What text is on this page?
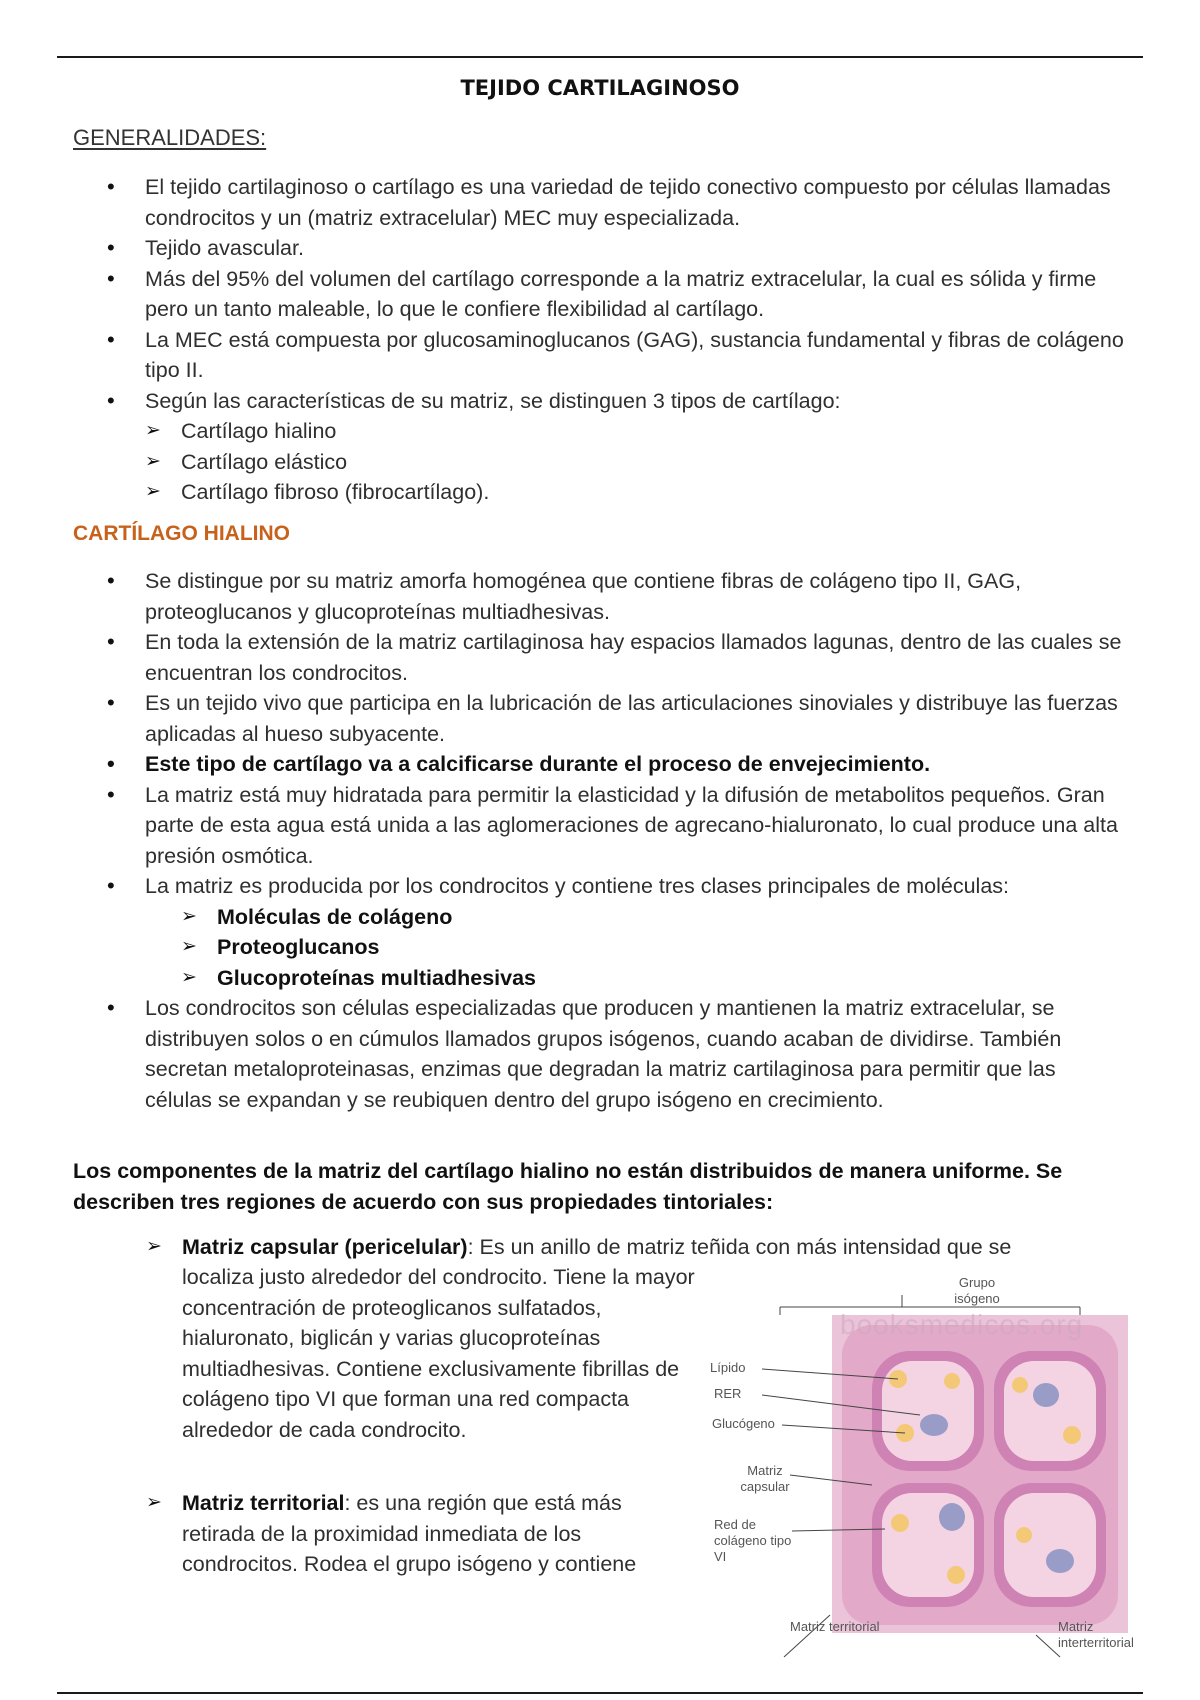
TEJIDO CARTILAGINOSO
GENERALIDADES:
• El tejido cartilaginoso o cartílago es una variedad de tejido conectivo compuesto por células llamadas condrocitos y un (matriz extracelular) MEC muy especializada.
• Tejido avascular.
• Más del 95% del volumen del cartílago corresponde a la matriz extracelular, la cual es sólida y firme pero un tanto maleable, lo que le confiere flexibilidad al cartílago.
• La MEC está compuesta por glucosaminoglucanos (GAG), sustancia fundamental y fibras de colágeno tipo II.
• Según las características de su matriz, se distinguen 3 tipos de cartílago:
➢ Cartílago hialino
➢ Cartílago elástico
➢ Cartílago fibroso (fibrocartílago).
CARTÍLAGO HIALINO
• Se distingue por su matriz amorfa homogénea que contiene fibras de colágeno tipo II, GAG, proteoglucanos y glucoproteínas multiadhesivas.
• En toda la extensión de la matriz cartilaginosa hay espacios llamados lagunas, dentro de las cuales se encuentran los condrocitos.
• Es un tejido vivo que participa en la lubricación de las articulaciones sinoviales y distribuye las fuerzas aplicadas al hueso subyacente.
• Este tipo de cartílago va a calcificarse durante el proceso de envejecimiento.
• La matriz está muy hidratada para permitir la elasticidad y la difusión de metabolitos pequeños. Gran parte de esta agua está unida a las aglomeraciones de agrecano-hialuronato, lo cual produce una alta presión osmótica.
• La matriz es producida por los condrocitos y contiene tres clases principales de moléculas:
➢ Moléculas de colágeno
➢ Proteoglucanos
➢ Glucoproteínas multiadhesivas
• Los condrocitos son células especializadas que producen y mantienen la matriz extracelular, se distribuyen solos o en cúmulos llamados grupos isógenos, cuando acaban de dividirse. También secretan metaloproteinasas, enzimas que degradan la matriz cartilaginosa para permitir que las células se expandan y se reubiquen dentro del grupo isógeno en crecimiento.
Los componentes de la matriz del cartílago hialino no están distribuidos de manera uniforme. Se describen tres regiones de acuerdo con sus propiedades tintoriales:
➢ Matriz capsular (pericelular): Es un anillo de matriz teñida con más intensidad que se
localiza justo alrededor del condrocito. Tiene la mayor concentración de proteoglicanos sulfatados, hialuronato, biglicán y varias glucoproteínas multiadhesivas. Contiene exclusivamente fibrillas de colágeno tipo VI que forman una red compacta alrededor de cada condrocito.
➢ Matriz territorial: es una región que está más retirada de la proximidad inmediata de los condrocitos. Rodea el grupo isógeno y contiene
booksmedicos.org
Grupo isógeno
Lípido
RER
Glucógeno
Matriz capsular
Red de colágeno tipo VI
Matriz territorial	Matriz interterritorial
